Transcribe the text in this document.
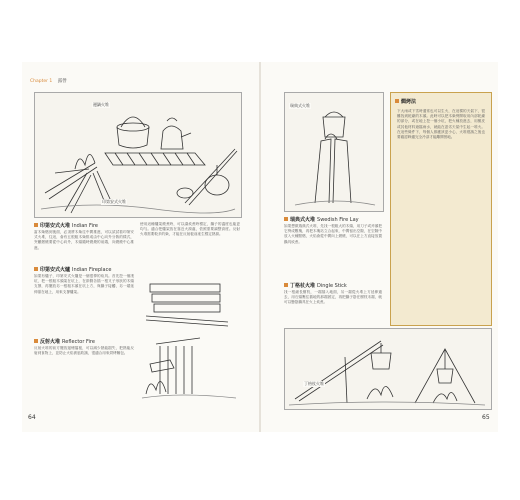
Chapter 1 露營
邊鍋火堆
印第安式火堆
印第安式火堆 Indian Fire
當木柴燃到後面，必須將木柴往中間推進，可以試試看印第安式火堆，往這，會有五根粗木柴排成由中心向外分散的樣式，突顯燃燒要從中心向外，木頭隨時燃燒的前端，向燃燒中心推進。
印第安式火爐 Indian Fireplace
如果有爐子，印第安式火爐是一個很棒的炊具。首先挖一個淺坑，把一根粗木頭架在坑上，在兩側各插一根叉子形狀的木頭支撐，再擺放另一根粗木頭在坑上方，與鍋子接觸，另一端延伸靠在地上，用來支撐爐架。
反射火堆 Reflector Fire
反射火堆的前方擺放邊煙擋板，可以減少熱能損失，把熱能反射到食物上，並防止火焰被風吹滅，很適合用來烘烤麵包。
使用這種爐架燒煮時，可以讓炊煮時穩定，鍋子的溫度也能更均勻。適合把爐架放在靠近火源處，依照需要調整高度。反射火堆需要較多的柴，才能在反射板前產生穩定熱源。
64	65
瑞典式火堆
瑞典式火堆 Swedish Fire Lay
如果想做瑞典式火堆，先找一根粗大的木頭，用刀子或斧頭把它劈成數塊，再把木塊站立合起來，中間留出空隙，在空隙中放入火種點燃，火焰會從中間向上燃燒，可以在上方直接放置鍋具炊煮。
丁格杖火堆 Dingle Stick
找一根細長樹枝，一端插入地面，另一端從火堆上方延伸過去，用石頭壓住插地的那端固定，再把鍋子掛在樹枝末端，就可以懸掛鍋具在火上炊煮。
丁格杖火堆
燜烤法
下大雨或下雪時通常也可以生火，在這樣的天氣下，很難找到乾燥的木頭。此時可以把木柴劈開取用內部乾燥的部分，或在地上挖一個小坑，把火種放進去，用樹皮或其他材料遮擋雨水，就能在惡劣天氣中生起一堆火。在這些條件下，每個人都應該更小心，火堆熄滅之後也要確認餘燼完全冷卻才能離開營地。
